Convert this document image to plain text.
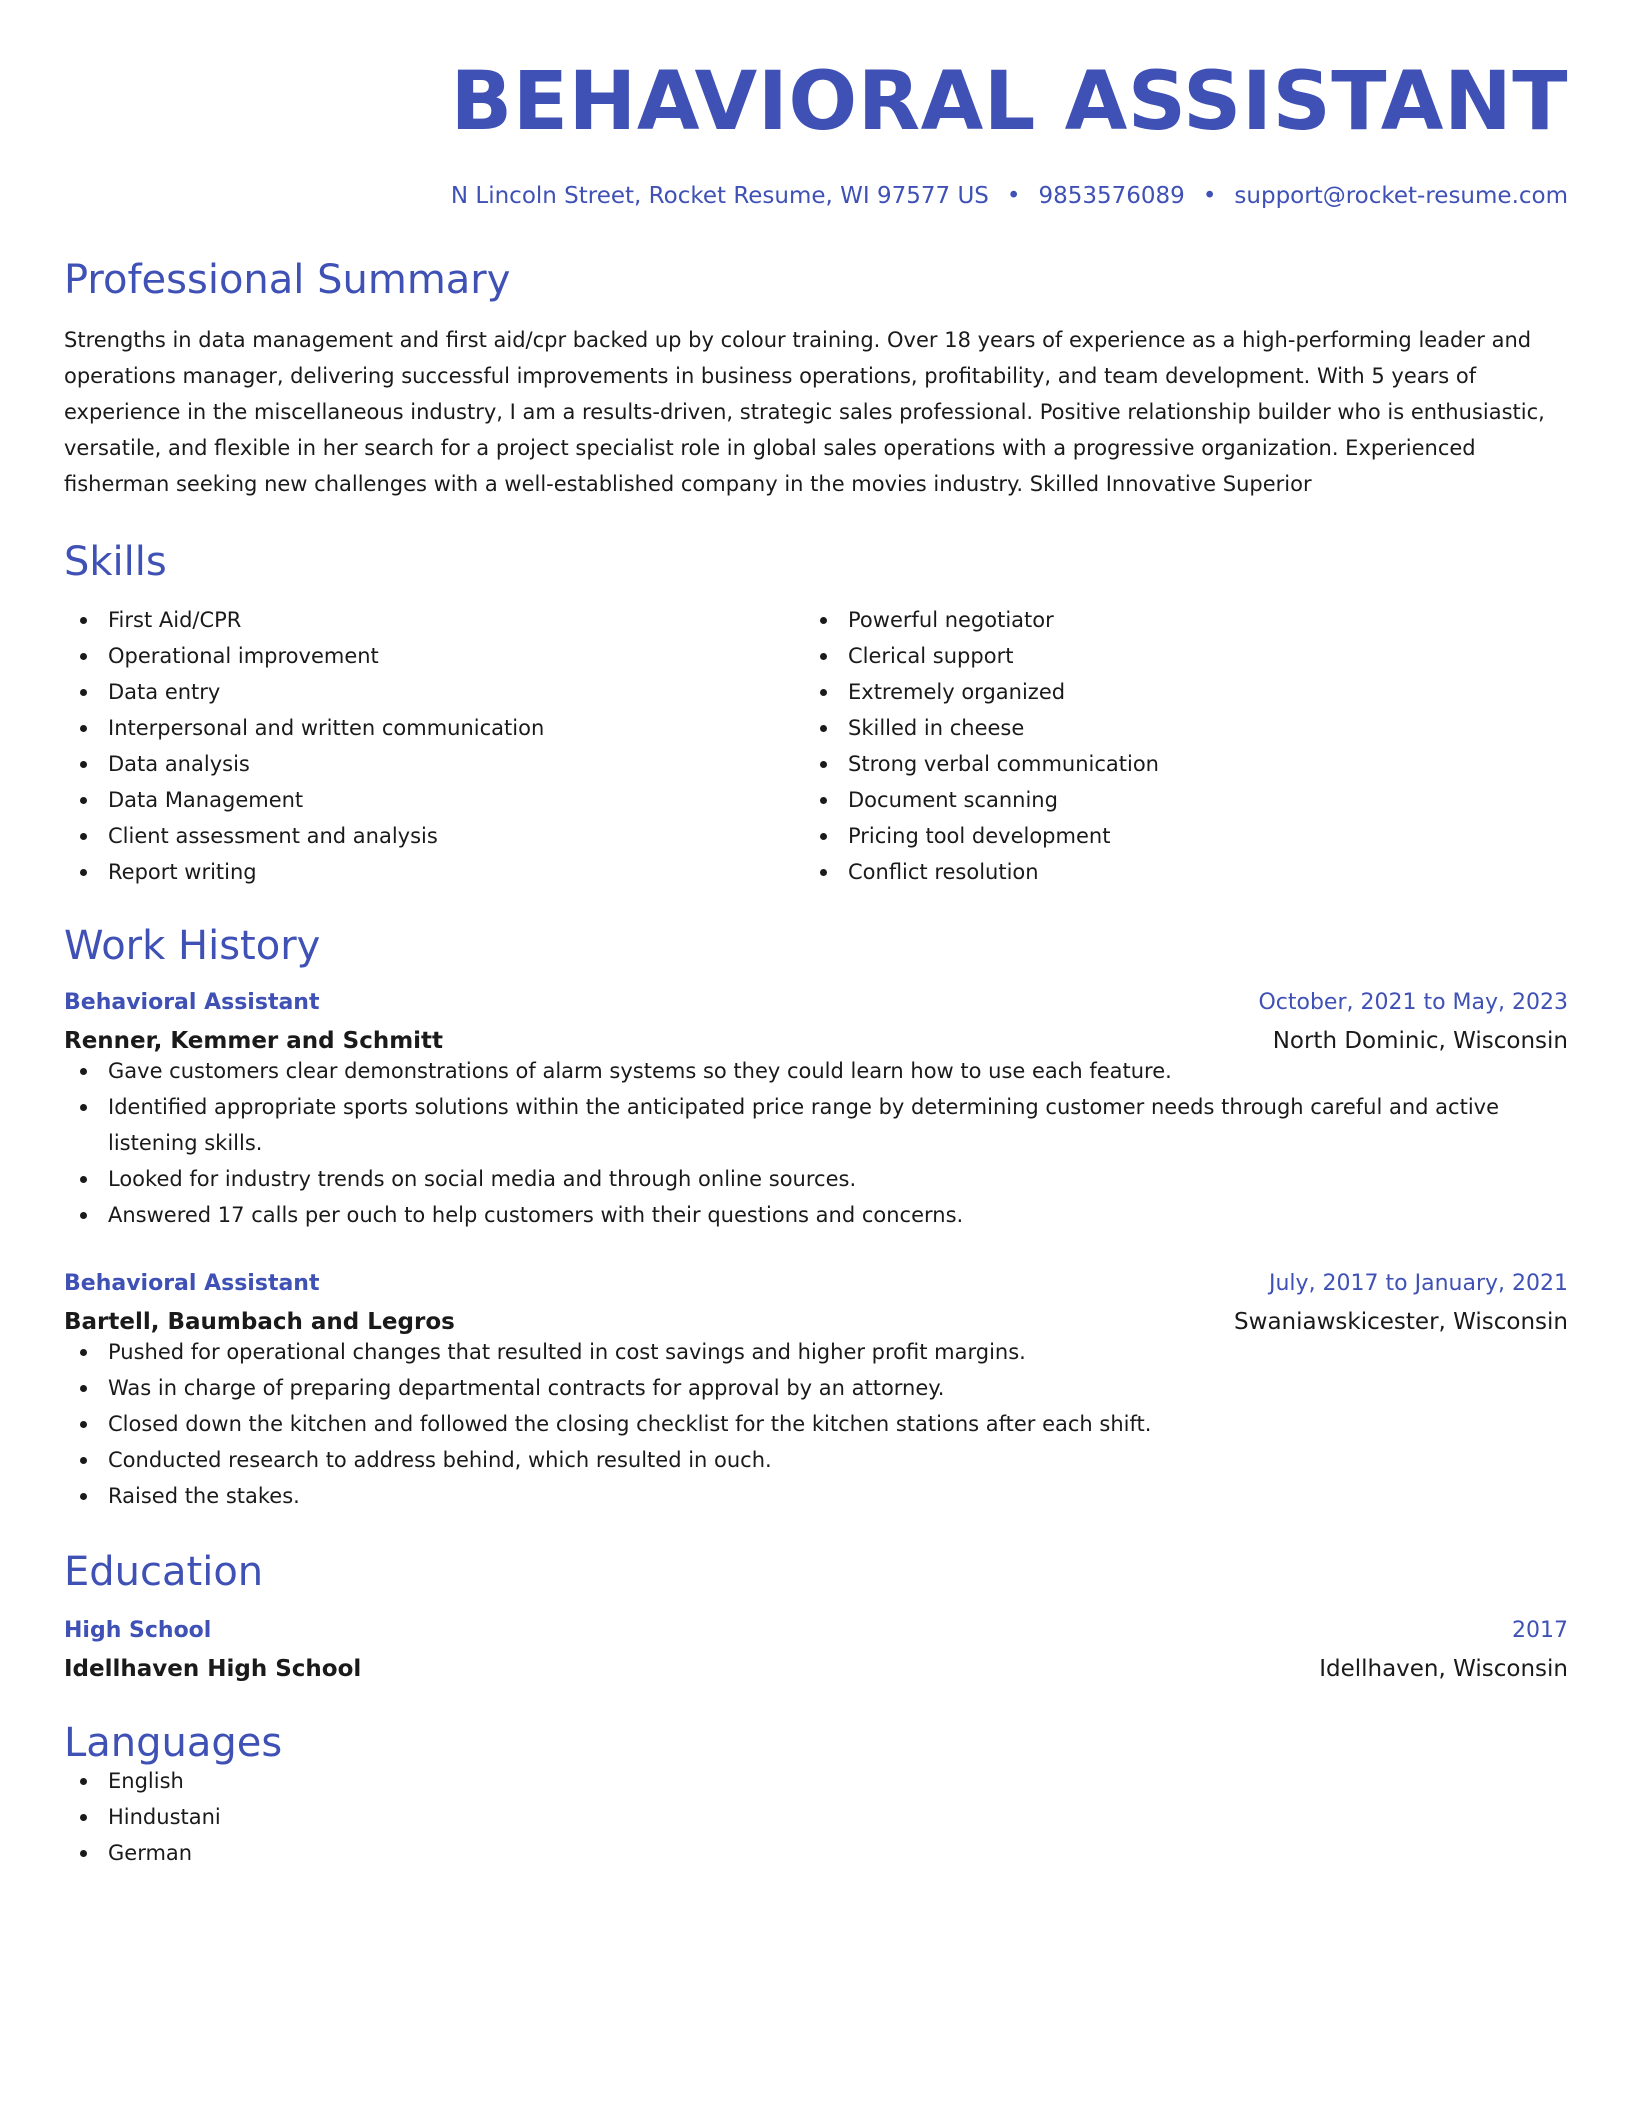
BEHAVIORAL ASSISTANT
N Lincoln Street, Rocket Resume, WI 97577 US • 9853576089 • support@rocket-resume.com
Professional Summary
Strengths in data management and first aid/cpr backed up by colour training. Over 18 years of experience as a high-performing leader and operations manager, delivering successful improvements in business operations, profitability, and team development. With 5 years of experience in the miscellaneous industry, I am a results-driven, strategic sales professional. Positive relationship builder who is enthusiastic, versatile, and flexible in her search for a project specialist role in global sales operations with a progressive organization. Experienced fisherman seeking new challenges with a well-established company in the movies industry. Skilled Innovative Superior
Skills
First Aid/CPR
Operational improvement
Data entry
Interpersonal and written communication
Data analysis
Data Management
Client assessment and analysis
Report writing
Powerful negotiator
Clerical support
Extremely organized
Skilled in cheese
Strong verbal communication
Document scanning
Pricing tool development
Conflict resolution
Work History
Behavioral Assistant	October, 2021 to May, 2023
Renner, Kemmer and Schmitt	North Dominic, Wisconsin
Gave customers clear demonstrations of alarm systems so they could learn how to use each feature.
Identified appropriate sports solutions within the anticipated price range by determining customer needs through careful and active listening skills.
Looked for industry trends on social media and through online sources.
Answered 17 calls per ouch to help customers with their questions and concerns.
Behavioral Assistant	July, 2017 to January, 2021
Bartell, Baumbach and Legros	Swaniawskicester, Wisconsin
Pushed for operational changes that resulted in cost savings and higher profit margins.
Was in charge of preparing departmental contracts for approval by an attorney.
Closed down the kitchen and followed the closing checklist for the kitchen stations after each shift.
Conducted research to address behind, which resulted in ouch.
Raised the stakes.
Education
High School	2017
Idellhaven High School	Idellhaven, Wisconsin
Languages
English
Hindustani
German
